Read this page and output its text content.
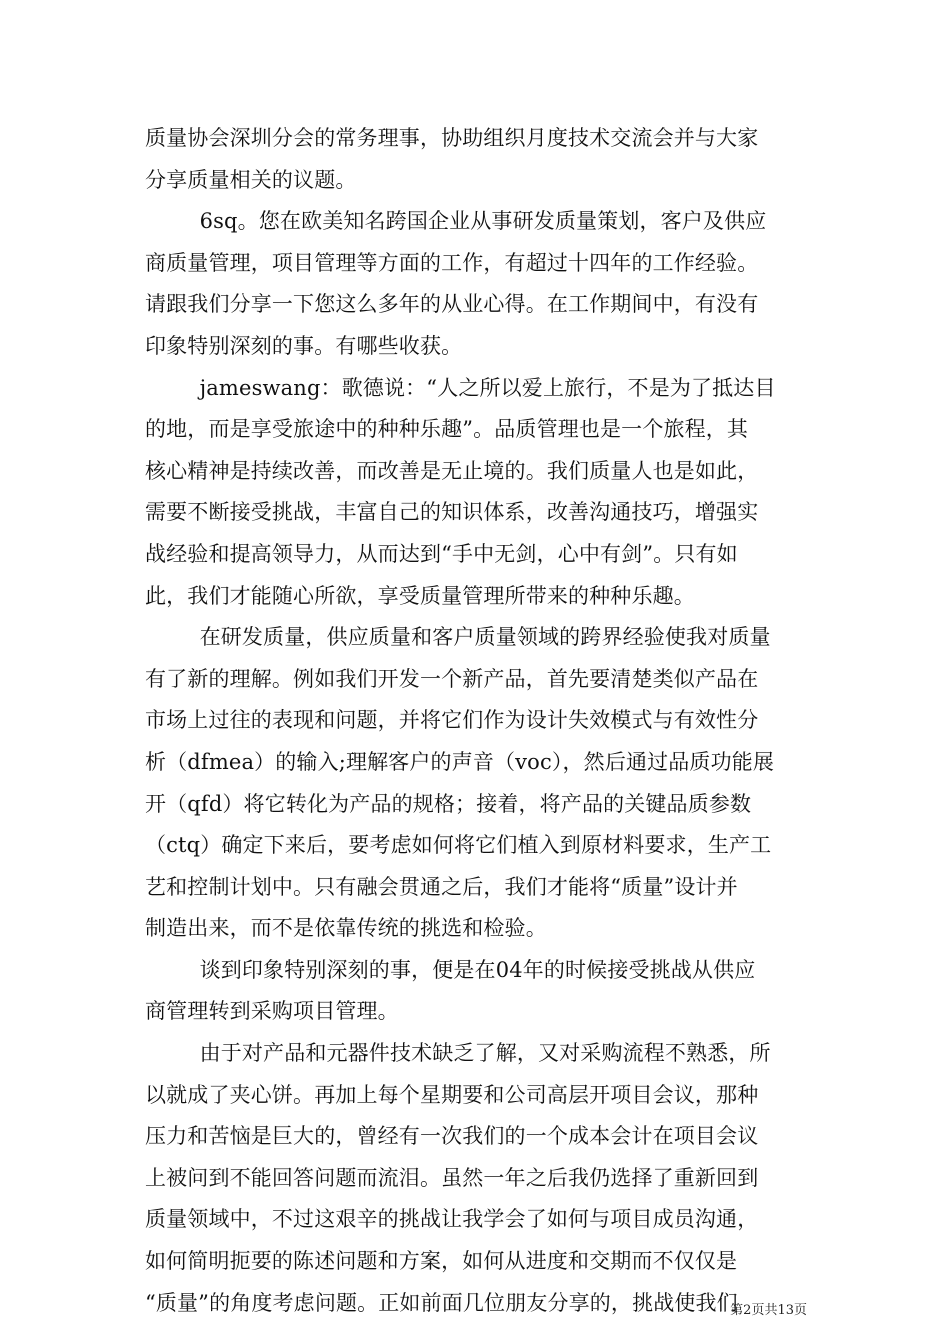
质量协会深圳分会的常务理事，协助组织月度技术交流会并与大家
分享质量相关的议题。
6sq。您在欧美知名跨国企业从事研发质量策划，客户及供应
商质量管理，项目管理等方面的工作，有超过十四年的工作经验。
请跟我们分享一下您这么多年的从业心得。在工作期间中，有没有
印象特别深刻的事。有哪些收获。
jameswang：歌德说：“人之所以爱上旅行，不是为了抵达目
的地，而是享受旅途中的种种乐趣”。品质管理也是一个旅程，其
核心精神是持续改善，而改善是无止境的。我们质量人也是如此，
需要不断接受挑战，丰富自己的知识体系，改善沟通技巧，增强实
战经验和提高领导力，从而达到“手中无剑，心中有剑”。只有如
此，我们才能随心所欲，享受质量管理所带来的种种乐趣。
在研发质量，供应质量和客户质量领域的跨界经验使我对质量
有了新的理解。例如我们开发一个新产品，首先要清楚类似产品在
市场上过往的表现和问题，并将它们作为设计失效模式与有效性分
析（dfmea）的输入;理解客户的声音（voc），然后通过品质功能展
开（qfd）将它转化为产品的规格；接着，将产品的关键品质参数
（ctq）确定下来后，要考虑如何将它们植入到原材料要求，生产工
艺和控制计划中。只有融会贯通之后，我们才能将“质量”设计并
制造出来，而不是依靠传统的挑选和检验。
谈到印象特别深刻的事，便是在04年的时候接受挑战从供应
商管理转到采购项目管理。
由于对产品和元器件技术缺乏了解，又对采购流程不熟悉，所
以就成了夹心饼。再加上每个星期要和公司高层开项目会议，那种
压力和苦恼是巨大的，曾经有一次我们的一个成本会计在项目会议
上被问到不能回答问题而流泪。虽然一年之后我仍选择了重新回到
质量领域中，不过这艰辛的挑战让我学会了如何与项目成员沟通，
如何简明扼要的陈述问题和方案，如何从进度和交期而不仅仅是
“质量”的角度考虑问题。正如前面几位朋友分享的，挑战使我们
第2页共13页
